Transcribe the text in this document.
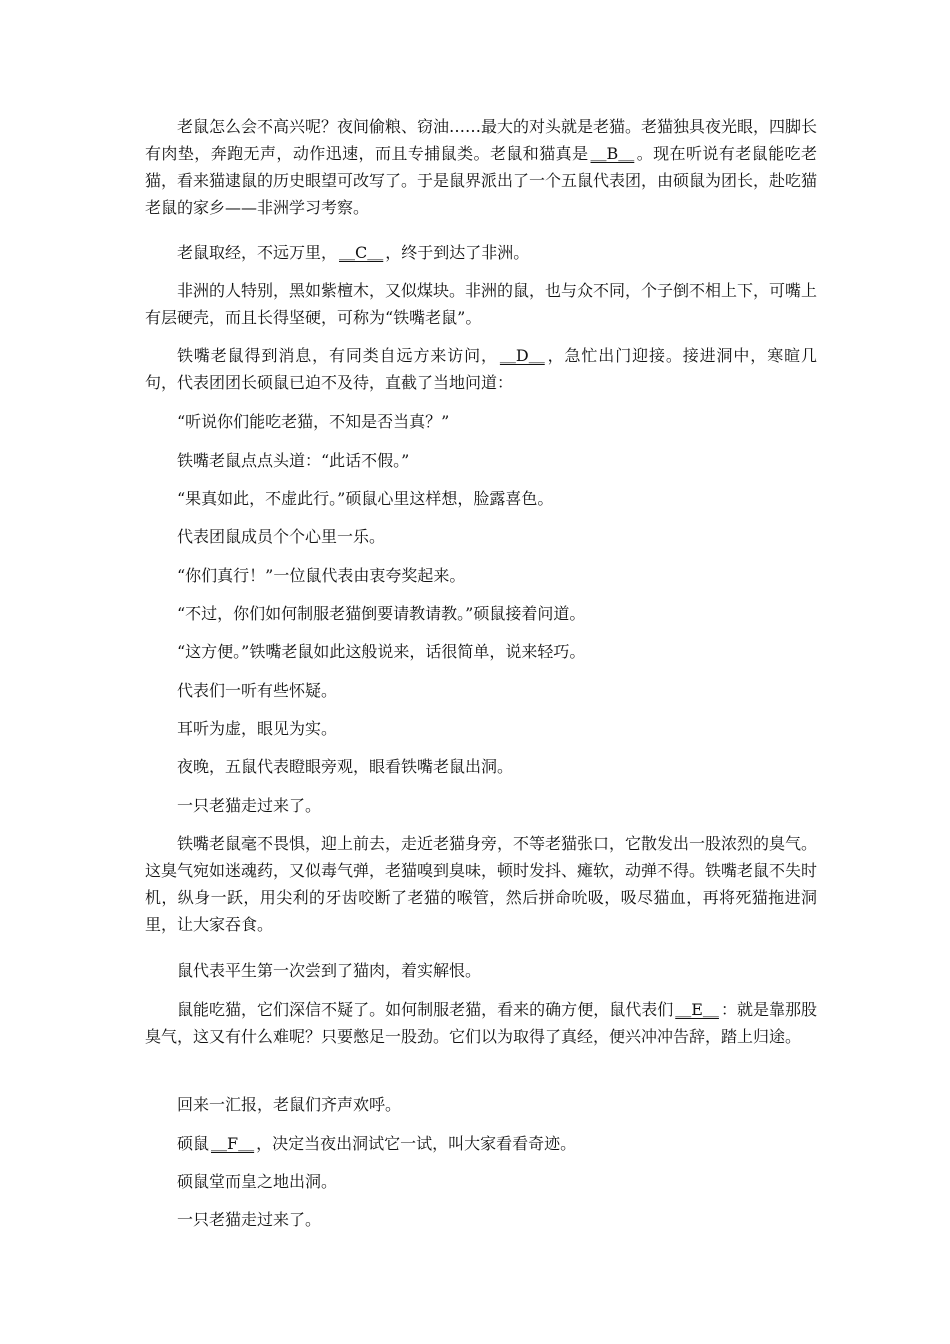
老鼠怎么会不高兴呢？夜间偷粮、窃油……最大的对头就是老猫。老猫独具夜光眼，四脚长有肉垫，奔跑无声，动作迅速，而且专捕鼠类。老鼠和猫真是 ＿B＿ 。现在听说有老鼠能吃老猫，看来猫逮鼠的历史眼望可改写了。于是鼠界派出了一个五鼠代表团，由硕鼠为团长，赴吃猫老鼠的家乡——非洲学习考察。

老鼠取经，不远万里， ＿C＿ ，终于到达了非洲。

非洲的人特别，黑如紫檀木，又似煤块。非洲的鼠，也与众不同，个子倒不相上下，可嘴上有层硬壳，而且长得坚硬，可称为“铁嘴老鼠”。

铁嘴老鼠得到消息，有同类自远方来访问， ＿D＿ ，急忙出门迎接。接进洞中，寒暄几句，代表团团长硕鼠已迫不及待，直截了当地问道：

“听说你们能吃老猫，不知是否当真？”

铁嘴老鼠点点头道：“此话不假。”

“果真如此，不虚此行。”硕鼠心里这样想，脸露喜色。

代表团鼠成员个个心里一乐。

“你们真行！”一位鼠代表由衷夸奖起来。

“不过，你们如何制服老猫倒要请教请教。”硕鼠接着问道。

“这方便。”铁嘴老鼠如此这般说来，话很简单，说来轻巧。

代表们一听有些怀疑。

耳听为虚，眼见为实。

夜晚，五鼠代表瞪眼旁观，眼看铁嘴老鼠出洞。

一只老猫走过来了。

铁嘴老鼠毫不畏惧，迎上前去，走近老猫身旁，不等老猫张口，它散发出一股浓烈的臭气。这臭气宛如迷魂药，又似毒气弹，老猫嗅到臭味，顿时发抖、瘫软，动弹不得。铁嘴老鼠不失时机，纵身一跃，用尖利的牙齿咬断了老猫的喉管，然后拼命吮吸，吸尽猫血，再将死猫拖进洞里，让大家吞食。

鼠代表平生第一次尝到了猫肉，着实解恨。

鼠能吃猫，它们深信不疑了。如何制服老猫，看来的确方便，鼠代表们 ＿E＿ ：就是靠那股臭气，这又有什么难呢？只要憋足一股劲。它们以为取得了真经，便兴冲冲告辞，踏上归途。

回来一汇报，老鼠们齐声欢呼。

硕鼠 ＿F＿ ，决定当夜出洞试它一试，叫大家看看奇迹。

硕鼠堂而皇之地出洞。

一只老猫走过来了。
